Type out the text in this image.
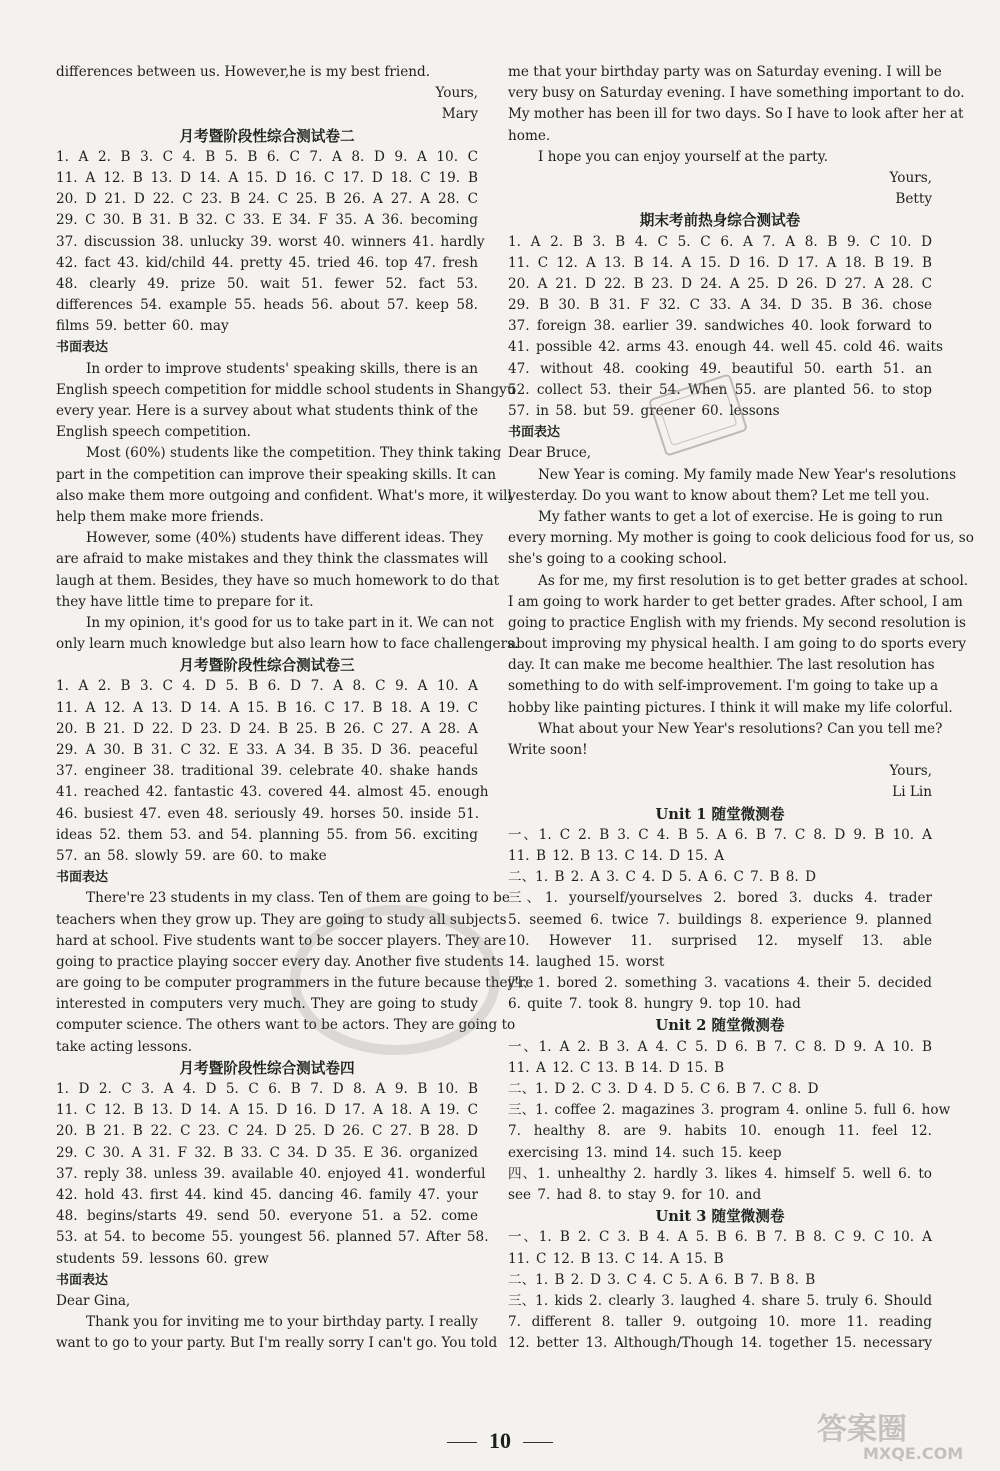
differences between us. However,he is my best friend.
Yours,
Mary
月考暨阶段性综合测试卷二
1. A 2. B 3. C 4. B 5. B 6. C 7. A 8. D 9. A 10. C
11. A 12. B 13. D 14. A 15. D 16. C 17. D 18. C 19. B
20. D 21. D 22. C 23. B 24. C 25. B 26. A 27. A 28. C
29. C 30. B 31. B 32. C 33. E 34. F 35. A 36. becoming
37. discussion 38. unlucky 39. worst 40. winners 41. hardly
42. fact 43. kid/child 44. pretty 45. tried 46. top 47. fresh
48. clearly 49. prize 50. wait 51. fewer 52. fact 53.
differences 54. example 55. heads 56. about 57. keep 58.
films 59. better 60. may
书面表达
In order to improve students' speaking skills, there is an
English speech competition for middle school students in Shangyu
every year. Here is a survey about what students think of the
English speech competition.
Most (60%) students like the competition. They think taking
part in the competition can improve their speaking skills. It can
also make them more outgoing and confident. What's more, it will
help them make more friends.
However, some (40%) students have different ideas. They
are afraid to make mistakes and they think the classmates will
laugh at them. Besides, they have so much homework to do that
they have little time to prepare for it.
In my opinion, it's good for us to take part in it. We can not
only learn much knowledge but also learn how to face challengers.
月考暨阶段性综合测试卷三
1. A 2. B 3. C 4. D 5. B 6. D 7. A 8. C 9. A 10. A
11. A 12. A 13. D 14. A 15. B 16. C 17. B 18. A 19. C
20. B 21. D 22. D 23. D 24. B 25. B 26. C 27. A 28. A
29. A 30. B 31. C 32. E 33. A 34. B 35. D 36. peaceful
37. engineer 38. traditional 39. celebrate 40. shake hands
41. reached 42. fantastic 43. covered 44. almost 45. enough
46. busiest 47. even 48. seriously 49. horses 50. inside 51.
ideas 52. them 53. and 54. planning 55. from 56. exciting
57. an 58. slowly 59. are 60. to make
书面表达
There're 23 students in my class. Ten of them are going to be
teachers when they grow up. They are going to study all subjects
hard at school. Five students want to be soccer players. They are
going to practice playing soccer every day. Another five students
are going to be computer programmers in the future because they're
interested in computers very much. They are going to study
computer science. The others want to be actors. They are going to
take acting lessons.
月考暨阶段性综合测试卷四
1. D 2. C 3. A 4. D 5. C 6. B 7. D 8. A 9. B 10. B
11. C 12. B 13. D 14. A 15. D 16. D 17. A 18. A 19. C
20. B 21. B 22. C 23. C 24. D 25. D 26. C 27. B 28. D
29. C 30. A 31. F 32. B 33. C 34. D 35. E 36. organized
37. reply 38. unless 39. available 40. enjoyed 41. wonderful
42. hold 43. first 44. kind 45. dancing 46. family 47. your
48. begins/starts 49. send 50. everyone 51. a 52. come
53. at 54. to become 55. youngest 56. planned 57. After 58.
students 59. lessons 60. grew
书面表达
Dear Gina,
Thank you for inviting me to your birthday party. I really
want to go to your party. But I'm really sorry I can't go. You told
me that your birthday party was on Saturday evening. I will be
very busy on Saturday evening. I have something important to do.
My mother has been ill for two days. So I have to look after her at
home.
I hope you can enjoy yourself at the party.
Yours,
Betty
期末考前热身综合测试卷
1. A 2. B 3. B 4. C 5. C 6. A 7. A 8. B 9. C 10. D
11. C 12. A 13. B 14. A 15. D 16. D 17. A 18. B 19. B
20. A 21. D 22. B 23. D 24. A 25. D 26. D 27. A 28. C
29. B 30. B 31. F 32. C 33. A 34. D 35. B 36. chose
37. foreign 38. earlier 39. sandwiches 40. look forward to
41. possible 42. arms 43. enough 44. well 45. cold 46. waits
47. without 48. cooking 49. beautiful 50. earth 51. an
52. collect 53. their 54. When 55. are planted 56. to stop
57. in 58. but 59. greener 60. lessons
书面表达
Dear Bruce,
New Year is coming. My family made New Year's resolutions
yesterday. Do you want to know about them? Let me tell you.
My father wants to get a lot of exercise. He is going to run
every morning. My mother is going to cook delicious food for us, so
she's going to a cooking school.
As for me, my first resolution is to get better grades at school.
I am going to work harder to get better grades. After school, I am
going to practice English with my friends. My second resolution is
about improving my physical health. I am going to do sports every
day. It can make me become healthier. The last resolution has
something to do with self-improvement. I'm going to take up a
hobby like painting pictures. I think it will make my life colorful.
What about your New Year's resolutions? Can you tell me?
Write soon!
Yours,
Li Lin
Unit 1 随堂微测卷
一、1. C 2. B 3. C 4. B 5. A 6. B 7. C 8. D 9. B 10. A
11. B 12. B 13. C 14. D 15. A
二、1. B 2. A 3. C 4. D 5. A 6. C 7. B 8. D
三、1. yourself/yourselves 2. bored 3. ducks 4. trader
5. seemed 6. twice 7. buildings 8. experience 9. planned
10. However 11. surprised 12. myself 13. able
14. laughed 15. worst
四、1. bored 2. something 3. vacations 4. their 5. decided
6. quite 7. took 8. hungry 9. top 10. had
Unit 2 随堂微测卷
一、1. A 2. B 3. A 4. C 5. D 6. B 7. C 8. D 9. A 10. B
11. A 12. C 13. B 14. D 15. B
二、1. D 2. C 3. D 4. D 5. C 6. B 7. C 8. D
三、1. coffee 2. magazines 3. program 4. online 5. full 6. how
7. healthy 8. are 9. habits 10. enough 11. feel 12.
exercising 13. mind 14. such 15. keep
四、1. unhealthy 2. hardly 3. likes 4. himself 5. well 6. to
see 7. had 8. to stay 9. for 10. and
Unit 3 随堂微测卷
一、1. B 2. C 3. B 4. A 5. B 6. B 7. B 8. C 9. C 10. A
11. C 12. B 13. C 14. A 15. B
二、1. B 2. D 3. C 4. C 5. A 6. B 7. B 8. B
三、1. kids 2. clearly 3. laughed 4. share 5. truly 6. Should
7. different 8. taller 9. outgoing 10. more 11. reading
12. better 13. Although/Though 14. together 15. necessary
10	答案圈
MXQE.COM
